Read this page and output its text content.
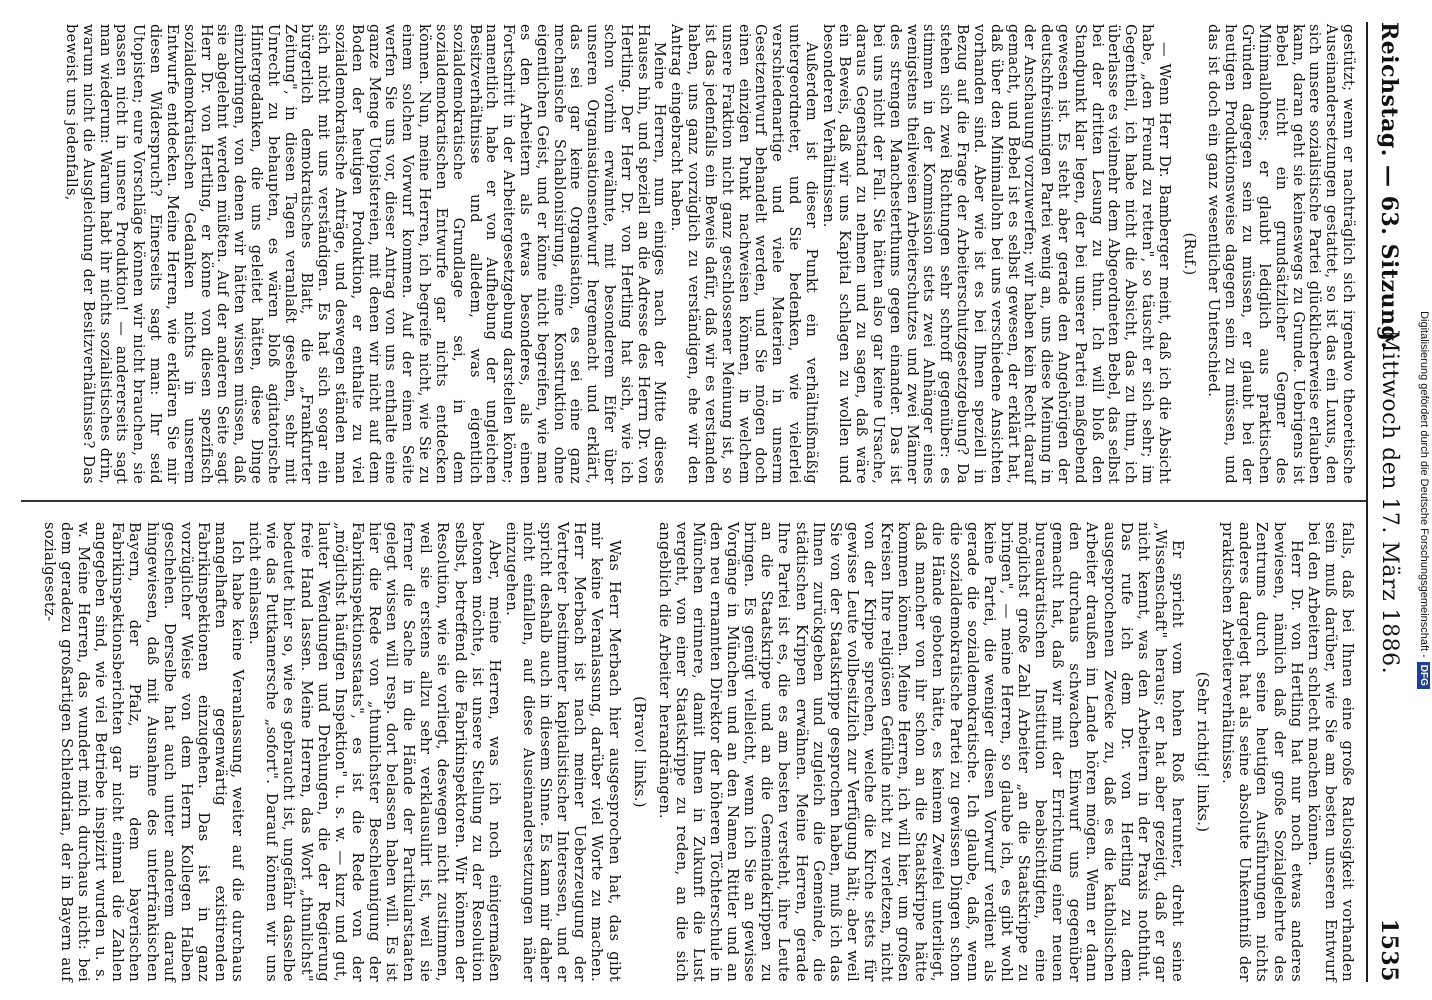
Reichstag. — 63. Sitzung.
Mittwoch den 17. März 1886.
1535

gestützt; wenn er nachträglich sich irgendwo theoretische Auseinandersetzungen gestattet, so ist das ein Luxus, den sich unsere sozialistische Partei glücklicherweise erlauben kann, daran geht sie keineswegs zu Grunde. Uebrigens ist Bebel nicht ein grundsätzlicher Gegner des Minimallohnes; er glaubt lediglich aus praktischen Gründen dagegen sein zu müssen, er glaubt bei der heutigen Produktionsweise dagegen sein zu müssen, und das ist doch ein ganz wesentlicher Unterschied.

(Ruf.)

— Wenn Herr Dr. Bamberger meint, daß ich die Absicht habe, „den Freund zu retten", so täuscht er sich sehr; im Gegentheil, ich habe nicht die Absicht, das zu thun, ich überlasse es vielmehr dem Abgeordneten Bebel, das selbst bei der dritten Lesung zu thun. Ich will bloß den Standpunkt klar legen, der bei unserer Partei maßgebend gewesen ist. Es steht aber gerade den Angehörigen der deutschfreisinnigen Partei wenig an, uns diese Meinung in der Anschauung vorzuwerfen; wir haben kein Recht darauf gemacht, und Bebel ist es selbst gewesen, der erklärt hat, daß über den Minimallohn bei uns verschiedene Ansichten vorhanden sind. Aber wie ist es bei Ihnen speziell in Bezug auf die Frage der Arbeiterschutzgesetzgebung? Da stehen sich zwei Richtungen sehr schroff gegenüber: es stimmen in der Kommission stets zwei Anhänger eines wenigstens theilweisen Arbeiterschutzes und zwei Männer des strengen Manchesterthums gegen einander. Das ist bei uns nicht der Fall. Sie hätten also gar keine Ursache, daraus Gegenstand zu nehmen und zu sagen, daß wäre ein Beweis, daß wir uns Kapital schlagen zu wollen und besonderen Verhältnissen.

Außerdem ist dieser Punkt ein verhältnißmäßig untergeordneter, und Sie bedenken, wie vielerlei verschiedenartige und viele Materien in unserm Gesetzentwurf behandelt werden, und Sie mögen doch einen einzigen Punkt nachweisen können, in welchem unsere Fraktion nicht ganz geschlossener Meinung ist, so ist das jedenfalls ein Beweis dafür, daß wir es verstanden haben, uns ganz vorzüglich zu verständigen, ehe wir den Antrag eingebracht haben.

Meine Herren, nun einiges nach der Mitte dieses Hauses hin, und speziell an die Adresse des Herrn Dr. von Hertling. Der Herr Dr. von Hertling hat sich, wie ich schon vorhin erwähnte, mit besonderem Eifer über unseren Organisationsentwurf hergemacht und erklärt, das sei gar keine Organisation, es sei eine ganz mechanische Schablonisirung, eine Konstruktion ohne eigentlichen Geist, und er könne nicht begreifen, wie man es den Arbeitern als etwas besonderes, als einen Fortschritt in der Arbeitergesetzgebung darstellen könne; namentlich habe er von Aufhebung der ungleichen Besitzverhältnisse und alledem, was eigentlich sozialdemokratische Grundlage sei, in dem sozialdemokratischen Entwurfe gar nichts entdecken können. Nun, meine Herren, ich begreife nicht, wie Sie zu einem solchen Vorwurf kommen. Auf der einen Seite werfen Sie uns vor, dieser Antrag von uns enthalte eine ganze Menge Utopistereien, mit denen wir nicht auf dem Boden der heutigen Produktion, er enthalte zu viel sozialdemokratische Anträge, und deswegen ständen man sich nicht mit uns verständigen. Es hat sich sogar ein bürgerlich demokratisches Blatt, die „Frankfurter Zeitung", in diesen Tagen veranlaßt gesehen, sehr mit Unrecht zu behaupten, es wären bloß agitatorische Hintergedanken, die uns geleitet hätten, diese Dinge einzubringen, von denen wir hätten wissen müssen, daß sie abgelehnt werden müßten. Auf der anderen Seite sagt Herr Dr. von Hertling, er könne von diesen spezifisch sozialdemokratischen Gedanken nichts in unserem Entwurfe entdecken. Meine Herren, wie erklären Sie mir diesen Widerspruch? Einerseits sagt man: Ihr seid Utopisten; eure Vorschläge können wir nicht brauchen, sie passen nicht in unsere Produktion! — andererseits sagt man wiederum: Warum habt ihr nichts sozialistisches drin, warum nicht die Ausgleichung der Besitzverhältnisse? Das beweist uns jedenfalls,

falls, daß bei Ihnen eine große Ratlosigkeit vorhanden sein muß darüber, wie Sie am besten unseren Entwurf bei den Arbeitern schlecht machen können.

Herr Dr. von Hertling hat nur noch etwas anderes bewiesen, nämlich daß der große Sozialgelehrte des Zentrums durch seine heutigen Ausführungen nichts anderes dargelegt hat als seine absolute Unkenntniß der praktischen Arbeiterverhältnisse.

(Sehr richtig! links.)

Er spricht vom hohen Roß herunter, dreht seine „Wissenschaft" heraus; er hat aber gezeigt, daß er gar nicht kennt, was den Arbeitern in der Praxis noththut. Das rufe ich dem Dr. von Hertling zu dem ausgesprochenen Zwecke zu, daß es die katholischen Arbeiter draußen im Lande hören mögen. Wenn er dann den durchaus schwachen Einwurf uns gegenüber gemacht hat, daß wir mit der Errichtung einer neuen bureaukratischen Institution beabsichtigten, eine möglichst große Zahl Arbeiter „an die Staatskrippe zu bringen", — meine Herren, so glaube ich, es gibt wohl keine Partei, die weniger diesen Vorwurf verdient als gerade die sozialdemokratische. Ich glaube, daß, wenn die sozialdemokratische Partei zu gewissen Dingen schon die Hände geboten hätte, es keinem Zweifel unterliegt, daß mancher von ihr schon an die Staatskrippe hätte kommen können. Meine Herren, ich will hier, um großen Kreisen Ihre religiösen Gefühle nicht zu verletzen, nicht von der Krippe sprechen, welche die Kirche stets für gewisse Leute vollbesitzlich zur Verfügung hält; aber weil Sie von der Staatskrippe gesprochen haben, muß ich das Ihnen zurückgeben und zugleich die Gemeinde, die städtischen Krippen erwähnen. Meine Herren, gerade Ihre Partei ist es, die es am besten versteht, ihre Leute an die Staatskrippe und an die Gemeindekrippen zu bringen. Es genügt vielleicht, wenn ich Sie an gewisse Vorgänge in München und an den Namen Rittler und an den neu ernannten Direktor der höheren Töchterschule in München erinnere, damit Ihnen in Zukunft die Lust vergeht, von einer Staatskrippe zu reden, an die sich angeblich die Arbeiter herandrängen.

(Bravo! links.)

Was Herr Merbach hier ausgesprochen hat, das gibt mir keine Veranlassung, darüber viel Worte zu machen. Herr Merbach ist nach meiner Ueberzeugung der Vertreter bestimmter kapitalistischer Interessen, und er spricht deshalb auch in diesem Sinne. Es kann mir daher nicht einfallen, auf diese Auseinandersetzungen näher einzugehen.

Aber, meine Herren, was ich noch einigermaßen betonen möchte, ist unsere Stellung zu der Resolution selbst, betreffend die Fabrikinspektoren. Wir können der Resolution, wie sie vorliegt, deswegen nicht zustimmen, weil sie erstens allzu sehr verklausulirt ist, weil sie ferner die Sache in die Hände der Partikularstaaten gelegt wissen will resp. dort belassen haben will. Es ist hier die Rede von „thunlichster Beschleunigung der Fabrikinspektionsstaats", es ist die Rede von der „möglichst häufigen Inspektion" u. s. w. — kurz und gut, lauter Wendungen und Drehungen, die der Regierung freie Hand lassen. Meine Herren, das Wort „thunlichst" bedeutet hier so, wie es gebraucht ist, ungefähr dasselbe wie das Puttkamersche „sofort". Darauf können wir uns nicht einlassen.

Ich habe keine Veranlassung, weiter auf die durchaus mangelhaften gegenwärtig existirenden Fabrikinspektionen einzugehen. Das ist in ganz vorzüglicher Weise von dem Herrn Kollegen Halben geschehen. Derselbe hat auch unter anderem darauf hingewiesen, daß mit Ausnahme des unterfränkischen Bayern, der Pfalz, in dem bayerischen Fabrikinspektionsberichten gar nicht einmal die Zahlen angegeben sind, wie viel Betriebe inspizirt wurden u. s. w. Meine Herren, das wundert mich durchaus nicht: bei dem geradezu großartigen Schlendrian, der in Bayern auf sozialgesetz-	Digitalisierung gefördert durch die Deutsche Forschungsgemeinschaft -DFG
